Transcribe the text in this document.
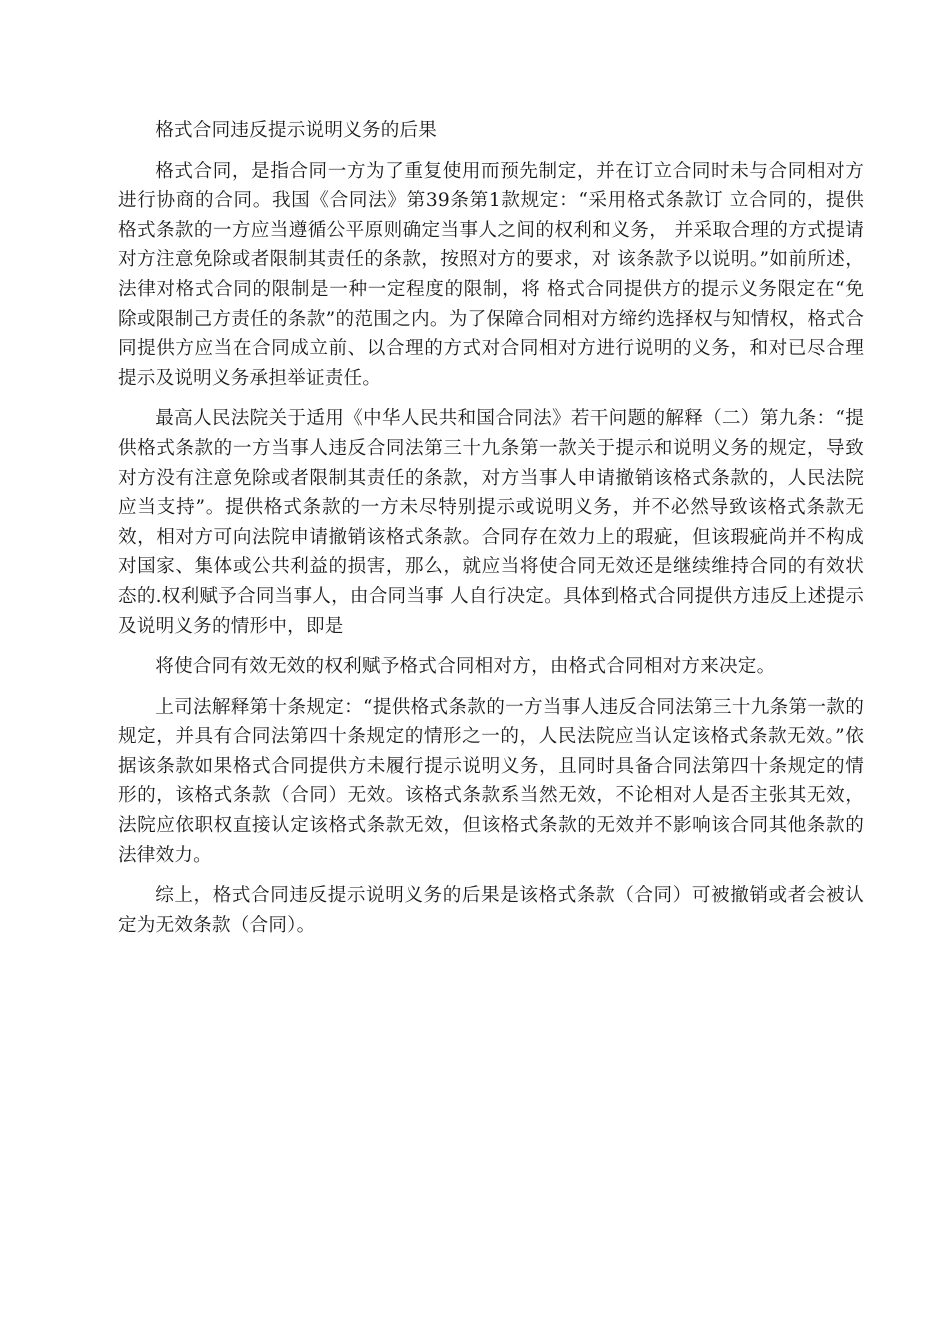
格式合同违反提示说明义务的后果

格式合同，是指合同一方为了重复使用而预先制定，并在订立合同时未与合同相对方进行协商的合同。我国《合同法》第39条第1款规定：“采用格式条款订 立合同的，提供格式条款的一方应当遵循公平原则确定当事人之间的权利和义务， 并采取合理的方式提请对方注意免除或者限制其责任的条款，按照对方的要求，对 该条款予以说明。”如前所述，法律对格式合同的限制是一种一定程度的限制，将 格式合同提供方的提示义务限定在“免除或限制己方责任的条款”的范围之内。为了保障合同相对方缔约选择权与知情权，格式合同提供方应当在合同成立前、以合理的方式对合同相对方进行说明的义务，和对已尽合理提示及说明义务承担举证责任。

最高人民法院关于适用《中华人民共和国合同法》若干问题的解释（二）第九条：“提供格式条款的一方当事人违反合同法第三十九条第一款关于提示和说明义务的规定，导致对方没有注意免除或者限制其责任的条款，对方当事人申请撤销该格式条款的，人民法院应当支持”。提供格式条款的一方未尽特别提示或说明义务，并不必然导致该格式条款无效，相对方可向法院申请撤销该格式条款。合同存在效力上的瑕疵，但该瑕疵尚并不构成对国家、集体或公共利益的损害，那么，就应当将使合同无效还是继续维持合同的有效状态的.权利赋予合同当事人，由合同当事 人自行决定。具体到格式合同提供方违反上述提示及说明义务的情形中，即是

将使合同有效无效的权利赋予格式合同相对方，由格式合同相对方来决定。

上司法解释第十条规定：“提供格式条款的一方当事人违反合同法第三十九条第一款的规定，并具有合同法第四十条规定的情形之一的，人民法院应当认定该格式条款无效。”依据该条款如果格式合同提供方未履行提示说明义务，且同时具备合同法第四十条规定的情形的，该格式条款（合同）无效。该格式条款系当然无效，不论相对人是否主张其无效，法院应依职权直接认定该格式条款无效，但该格式条款的无效并不影响该合同其他条款的法律效力。

综上，格式合同违反提示说明义务的后果是该格式条款（合同）可被撤销或者会被认定为无效条款（合同）。
